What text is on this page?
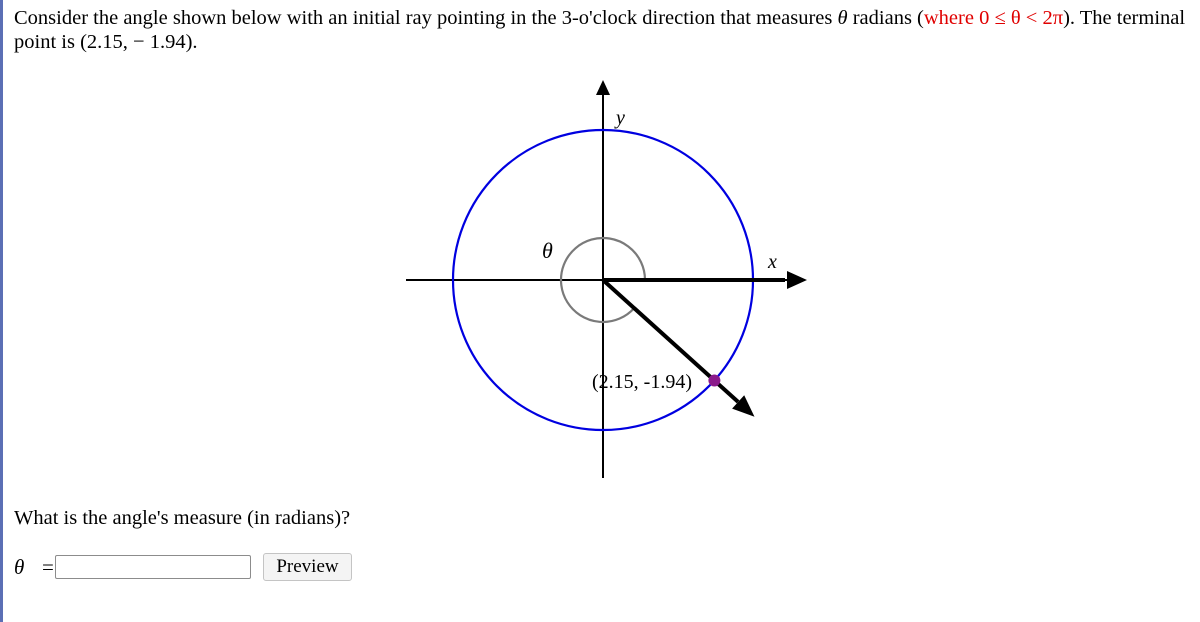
Consider the angle shown below with an initial ray pointing in the 3-o'clock direction that measures θ radians (where 0 ≤ θ < 2π). The terminal
point is (2.15, − 1.94).
y
x
θ
(2.15, -1.94)
What is the angle's measure (in radians)?
θ =	Preview
